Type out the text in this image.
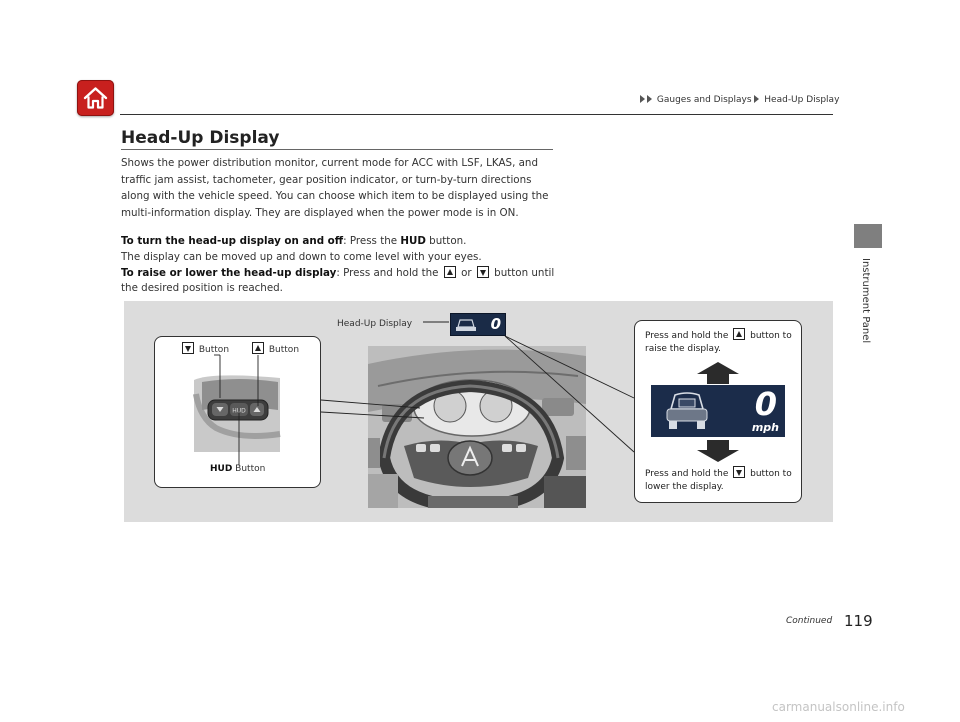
Gauges and Displays Head-Up Display
Instrument Panel
Head-Up Display

Shows the power distribution monitor, current mode for ACC with LSF, LKAS, and traffic jam assist, tachometer, gear position indicator, or turn-by-turn directions along with the vehicle speed. You can choose which item to be displayed using the multi-information display. They are displayed when the power mode is in ON.

To turn the head-up display on and off: Press the HUD button.
The display can be moved up and down to come level with your eyes.
To raise or lower the head-up display: Press and hold the  or  button until the desired position is reached.
HUD
Button	Button
HUD Button
Head-Up Display	0
Press and hold the  button to raise the display.
0
mph
Press and hold the  button to lower the display.
Continued 119
carmanualsonline.info
